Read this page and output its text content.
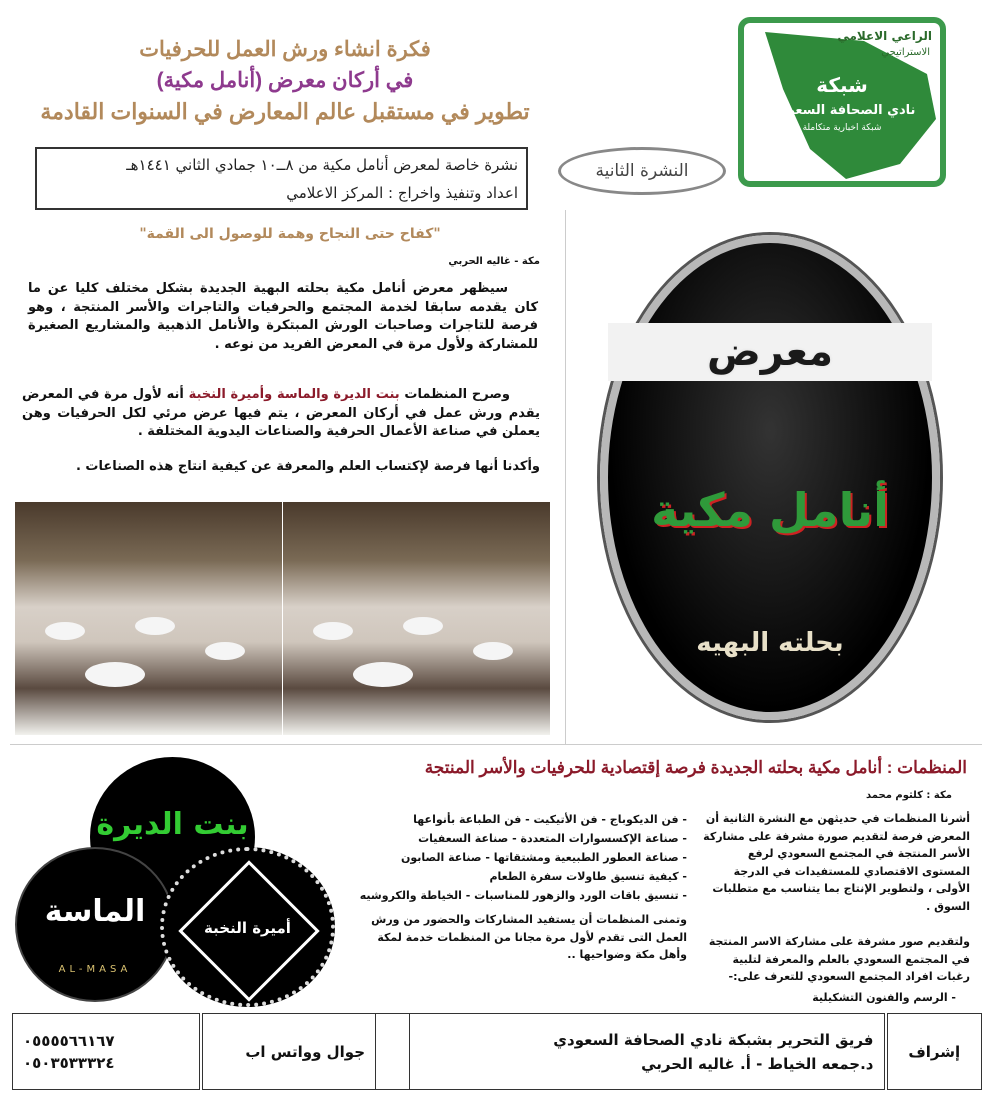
الراعي الاعلامي
الاستراتيجي
شبكة
نادي الصحافة السعودي
شبكة اخبارية متكاملة
فكرة انشاء ورش العمل للحرفيات
في أركان معرض (أنامل مكية)
تطوير في مستقبل عالم المعارض في السنوات القادمة
النشرة الثانية
نشرة خاصة لمعرض أنامل مكية من ٨ــ١٠ جمادي الثاني ١٤٤١هـ
اعداد وتنفيذ واخراج : المركز الاعلامي
"كفاح حتى النجاح وهمة للوصول الى القمة"
مكة - غاليه الحربي
سيظهر معرض أنامل مكية بحلته البهية الجديدة بشكل مختلف كليا عن ما كان يقدمه سابقا لخدمة المجتمع والحرفيات والتاجرات والأسر المنتجة ، وهو فرصة للتاجرات وصاحبات الورش المبتكرة والأنامل الذهبية والمشاريع الصغيرة للمشاركة ولأول مرة في المعرض الفريد من نوعه .
وصرح المنظمات بنت الديرة والماسة وأميرة النخبة أنه لأول مرة في المعرض يقدم ورش عمل في أركان المعرض ، يتم فيها عرض مرئي لكل الحرفيات وهن يعملن في صناعة الأعمال الحرفية والصناعات اليدوية المختلفة .
وأكدنا أنها فرصة لإكتساب العلم والمعرفة عن كيفية انتاج هذه الصناعات .
معرض
أنامل مكية
بحلته البهيه
المنظمات : أنامل مكية بحلته الجديدة فرصة إقتصادية للحرفيات والأسر المنتجة
مكة : كلثوم محمد
أشرنا المنظمات في حديثهن مع النشرة الثانية أن المعرض فرصة لتقديم صورة مشرفة على مشاركة الأسر المنتجة في المجتمع السعودي لرفع المستوى الاقتصادي للمستفيدات في الدرجة الأولى ، ولتطوير الإنتاج بما يتناسب مع متطلبات السوق .
ولتقديم صور مشرفة على مشاركة الاسر المنتجة في المجتمع السعودي بالعلم والمعرفة لتلبية رغبات افراد المجتمع السعودي للتعرف على:-
- الرسم والفنون التشكيلية
- فن الديكوباج - فن الأتيكيت - فن الطباعة بأنواعها
- صناعة الإكسسوارات المتعددة - صناعة السعفيات
- صناعة العطور الطبيعية ومشتقاتها - صناعة الصابون
- كيفية تنسيق طاولات سفرة الطعام
- تنسيق باقات الورد والزهور للمناسبات - الخياطة والكروشيه
وتمنى المنظمات أن يستفيد المشاركات والحضور من ورش العمل التى تقدم لأول مرة مجانا من المنظمات خدمة لمكة وأهل مكة وضواحيها ..
بنت الديرة
الماسة
AL-MASA
أميرة النخبة
٠٥٥٥٥٦٦١٦٧
٠٥٠٣٥٣٣٣٢٤
	جوال وواتس اب		
فريق التحرير بشبكة نادي الصحافة السعودي
د.جمعه الخياط - أ. غاليه الحربي
	إشراف
